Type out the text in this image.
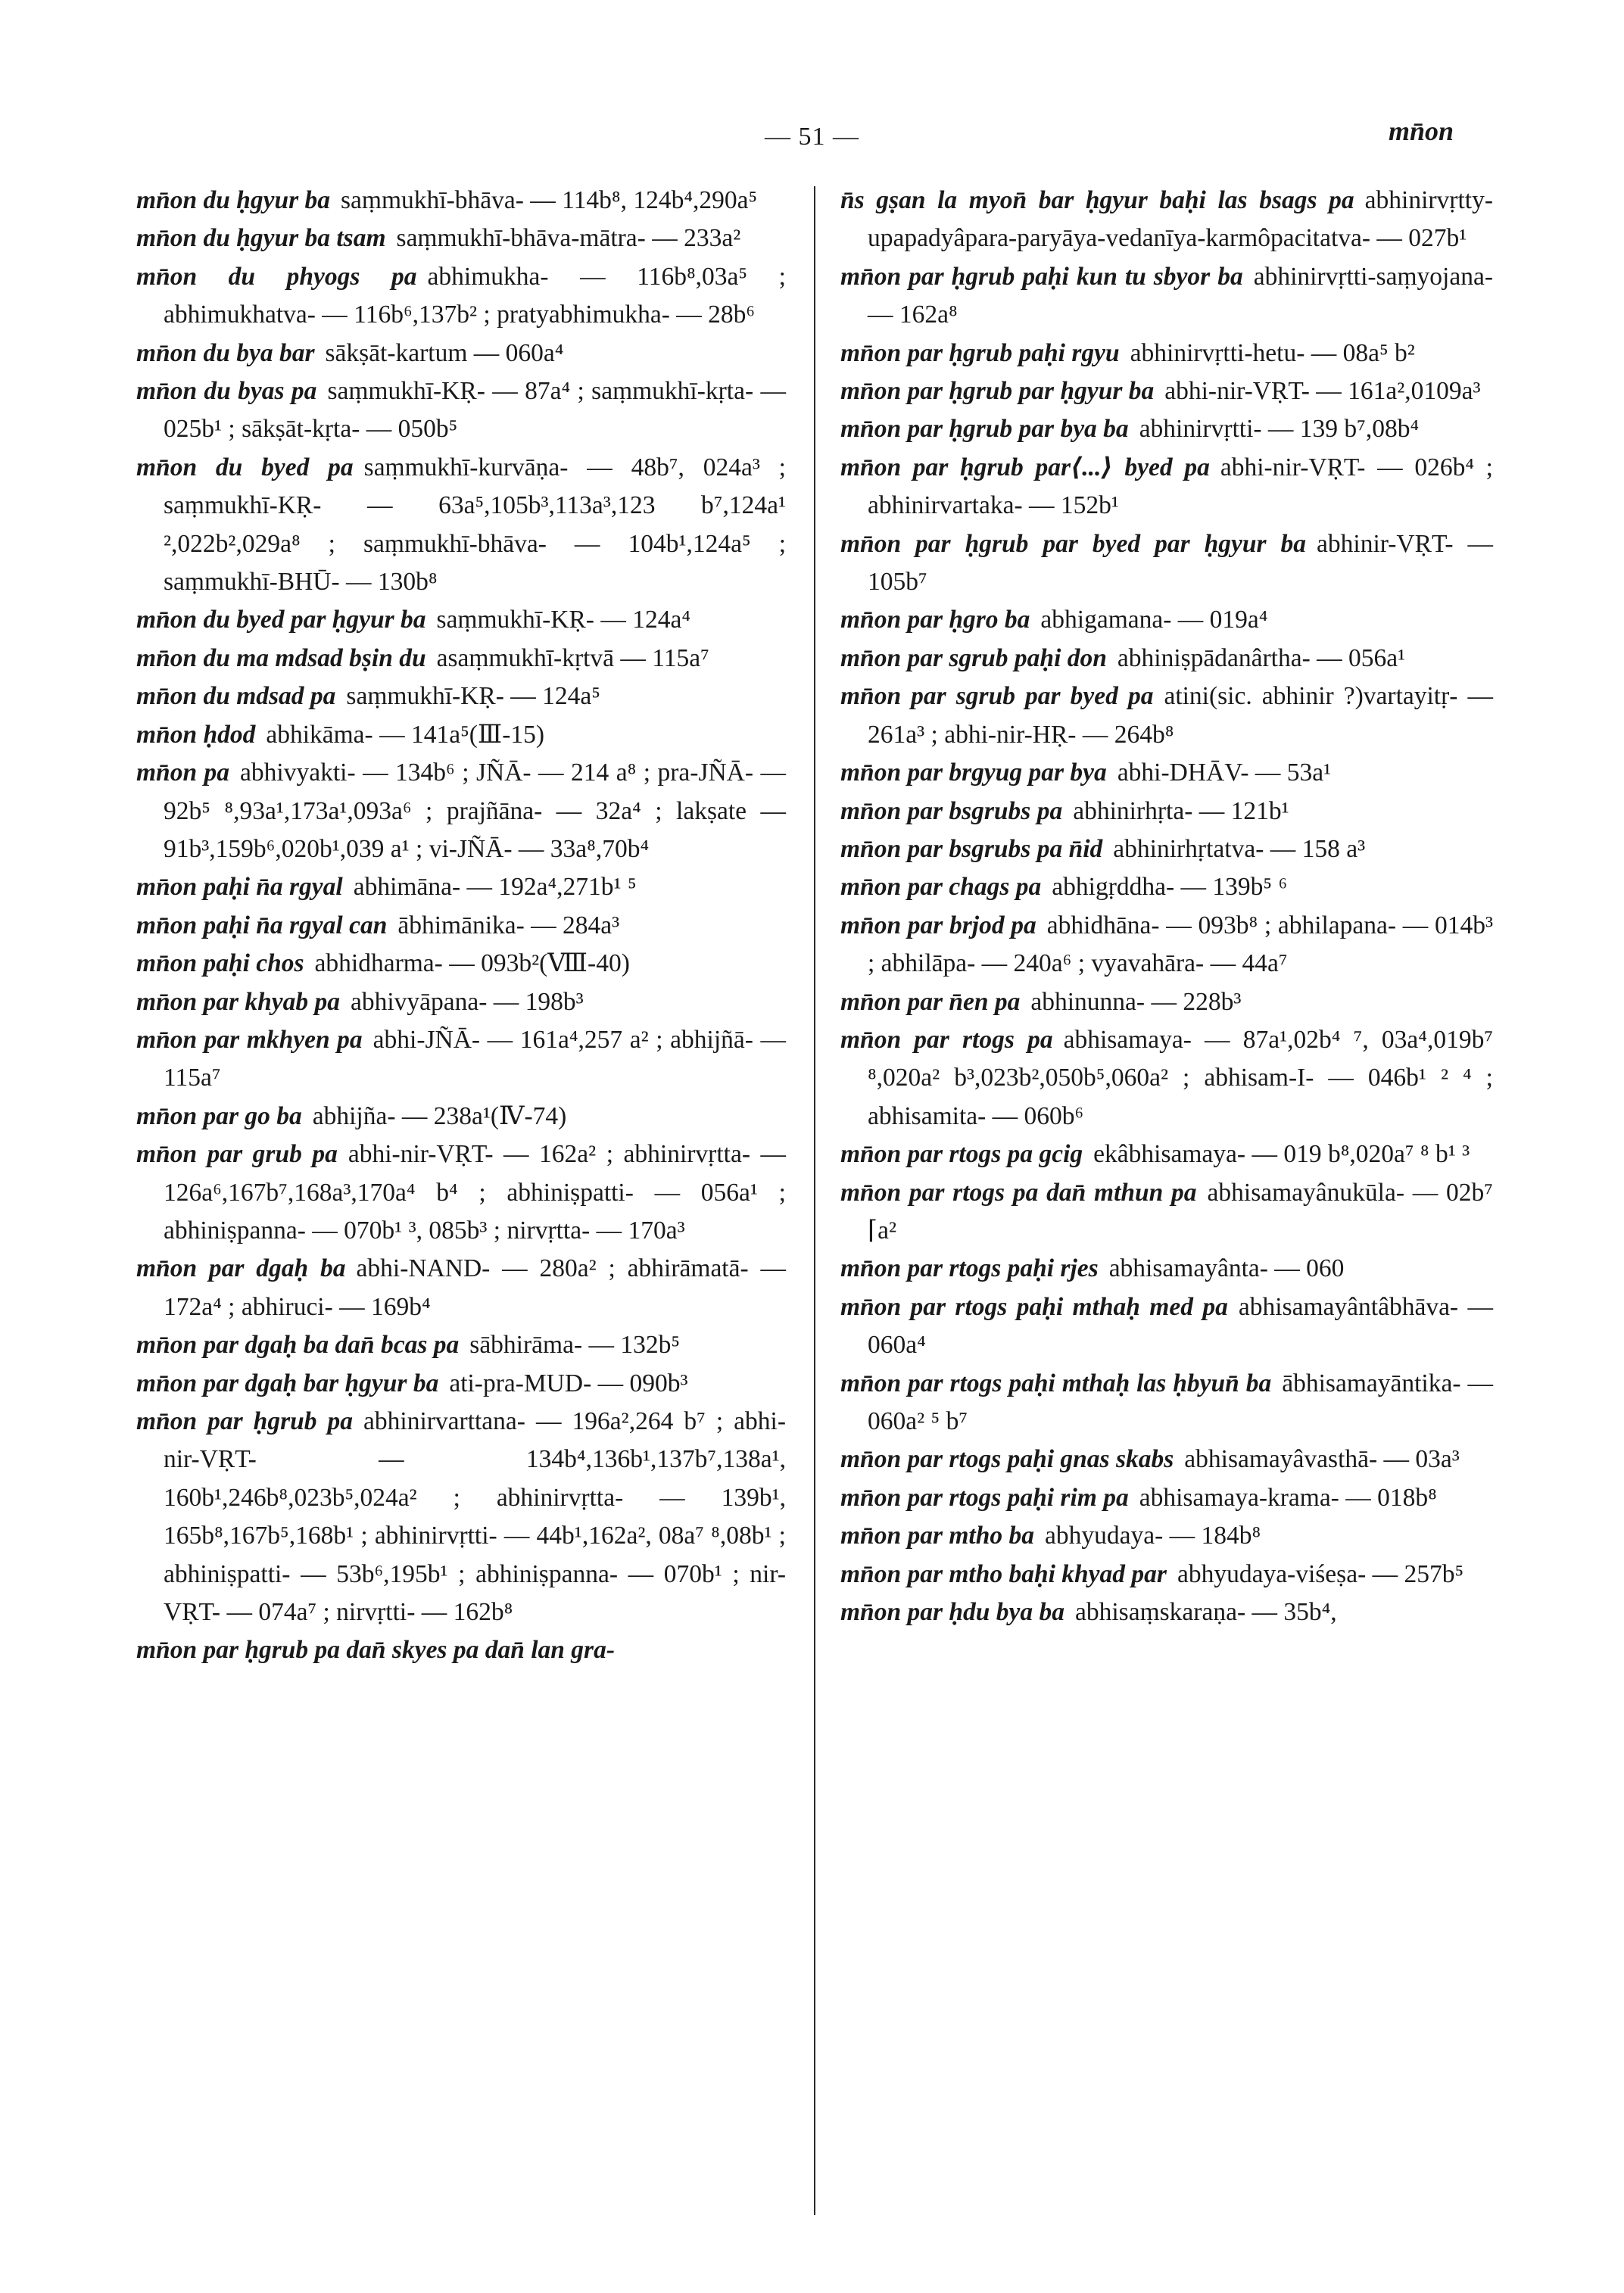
— 51 —	mn̄on
mn̄on du ḥgyur ba saṃmukhī-bhāva- — 114b⁸, 124b⁴,290a⁵
mn̄on du ḥgyur ba tsam saṃmukhī-bhāva-mātra- — 233a²
mn̄on du phyogs pa abhimukha- — 116b⁸,03a⁵ ; abhimukhatva- — 116b⁶,137b² ; pratyabhimukha- — 28b⁶
mn̄on du bya bar sākṣāt-kartum — 060a⁴
mn̄on du byas pa saṃmukhī-KṚ- — 87a⁴ ; saṃmukhī-kṛta- — 025b¹ ; sākṣāt-kṛta- — 050b⁵
mn̄on du byed pa saṃmukhī-kurvāṇa- — 48b⁷, 024a³ ; saṃmukhī-KṚ- — 63a⁵,105b³,113a³,123 b⁷,124a¹ ²,022b²,029a⁸ ; saṃmukhī-bhāva- — 104b¹,124a⁵ ; saṃmukhī-BHŪ- — 130b⁸
mn̄on du byed par ḥgyur ba saṃmukhī-KṚ- — 124a⁴
mn̄on du ma mdsad bṣin du asaṃmukhī-kṛtvā — 115a⁷
mn̄on du mdsad pa saṃmukhī-KṚ- — 124a⁵
mn̄on ḥdod abhikāma- — 141a⁵(Ⅲ-15)
mn̄on pa abhivyakti- — 134b⁶ ; JÑĀ- — 214 a⁸ ; pra-JÑĀ- — 92b⁵ ⁸,93a¹,173a¹,093a⁶ ; prajñāna- — 32a⁴ ; lakṣate — 91b³,159b⁶,020b¹,039 a¹ ; vi-JÑĀ- — 33a⁸,70b⁴
mn̄on paḥi n̄a rgyal abhimāna- — 192a⁴,271b¹ ⁵
mn̄on paḥi n̄a rgyal can ābhimānika- — 284a³
mn̄on paḥi chos abhidharma- — 093b²(Ⅷ-40)
mn̄on par khyab pa abhivyāpana- — 198b³
mn̄on par mkhyen pa abhi-JÑĀ- — 161a⁴,257 a² ; abhijñā- — 115a⁷
mn̄on par go ba abhijña- — 238a¹(Ⅳ-74)
mn̄on par grub pa abhi-nir-VṚT- — 162a² ; abhinirvṛtta- — 126a⁶,167b⁷,168a³,170a⁴ b⁴ ; abhiniṣpatti- — 056a¹ ; abhiniṣpanna- — 070b¹ ³, 085b³ ; nirvṛtta- — 170a³
mn̄on par dgaḥ ba abhi-NAND- — 280a² ; abhirāmatā- — 172a⁴ ; abhiruci- — 169b⁴
mn̄on par dgaḥ ba dan̄ bcas pa sābhirāma- — 132b⁵
mn̄on par dgaḥ bar ḥgyur ba ati-pra-MUD- — 090b³
mn̄on par ḥgrub pa abhinirvarttana- — 196a²,264 b⁷ ; abhi-nir-VṚT- — 134b⁴,136b¹,137b⁷,138a¹, 160b¹,246b⁸,023b⁵,024a² ; abhinirvṛtta- — 139b¹, 165b⁸,167b⁵,168b¹ ; abhinirvṛtti- — 44b¹,162a², 08a⁷ ⁸,08b¹ ; abhiniṣpatti- — 53b⁶,195b¹ ; abhiniṣpanna- — 070b¹ ; nir-VṚT- — 074a⁷ ; nirvṛtti- — 162b⁸
mn̄on par ḥgrub pa dan̄ skyes pa dan̄ lan gra-
n̄s gṣan la myon̄ bar ḥgyur baḥi las bsags pa abhinirvṛtty-upapadyâpara-paryāya-vedanīya-karmôpacitatva- — 027b¹
mn̄on par ḥgrub paḥi kun tu sbyor ba abhinirvṛtti-saṃyojana- — 162a⁸
mn̄on par ḥgrub paḥi rgyu abhinirvṛtti-hetu- — 08a⁵ b²
mn̄on par ḥgrub par ḥgyur ba abhi-nir-VṚT- — 161a²,0109a³
mn̄on par ḥgrub par bya ba abhinirvṛtti- — 139 b⁷,08b⁴
mn̄on par ḥgrub par⟨...⟩ byed pa abhi-nir-VṚT- — 026b⁴ ; abhinirvartaka- — 152b¹
mn̄on par ḥgrub par byed par ḥgyur ba abhinir-VṚT- — 105b⁷
mn̄on par ḥgro ba abhigamana- — 019a⁴
mn̄on par sgrub paḥi don abhiniṣpādanârtha- — 056a¹
mn̄on par sgrub par byed pa atini(sic. abhinir ?)vartayitṛ- — 261a³ ; abhi-nir-HṚ- — 264b⁸
mn̄on par brgyug par bya abhi-DHĀV- — 53a¹
mn̄on par bsgrubs pa abhinirhṛta- — 121b¹
mn̄on par bsgrubs pa n̄id abhinirhṛtatva- — 158 a³
mn̄on par chags pa abhigṛddha- — 139b⁵ ⁶
mn̄on par brjod pa abhidhāna- — 093b⁸ ; abhilapana- — 014b³ ; abhilāpa- — 240a⁶ ; vyavahāra- — 44a⁷
mn̄on par n̄en pa abhinunna- — 228b³
mn̄on par rtogs pa abhisamaya- — 87a¹,02b⁴ ⁷, 03a⁴,019b⁷ ⁸,020a² b³,023b²,050b⁵,060a² ; abhisam-I- — 046b¹ ² ⁴ ; abhisamita- — 060b⁶
mn̄on par rtogs pa gcig ekâbhisamaya- — 019 b⁸,020a⁷ ⁸ b¹ ³
mn̄on par rtogs pa dan̄ mthun pa abhisamayânukūla- — 02b⁷ ⌈a²
mn̄on par rtogs paḥi rjes abhisamayânta- — 060
mn̄on par rtogs paḥi mthaḥ med pa abhisamayântâbhāva- — 060a⁴
mn̄on par rtogs paḥi mthaḥ las ḥbyun̄ ba ābhisamayāntika- — 060a² ⁵ b⁷
mn̄on par rtogs paḥi gnas skabs abhisamayâvasthā- — 03a³
mn̄on par rtogs paḥi rim pa abhisamaya-krama- — 018b⁸
mn̄on par mtho ba abhyudaya- — 184b⁸
mn̄on par mtho baḥi khyad par abhyudaya-viśeṣa- — 257b⁵
mn̄on par ḥdu bya ba abhisaṃskaraṇa- — 35b⁴,
